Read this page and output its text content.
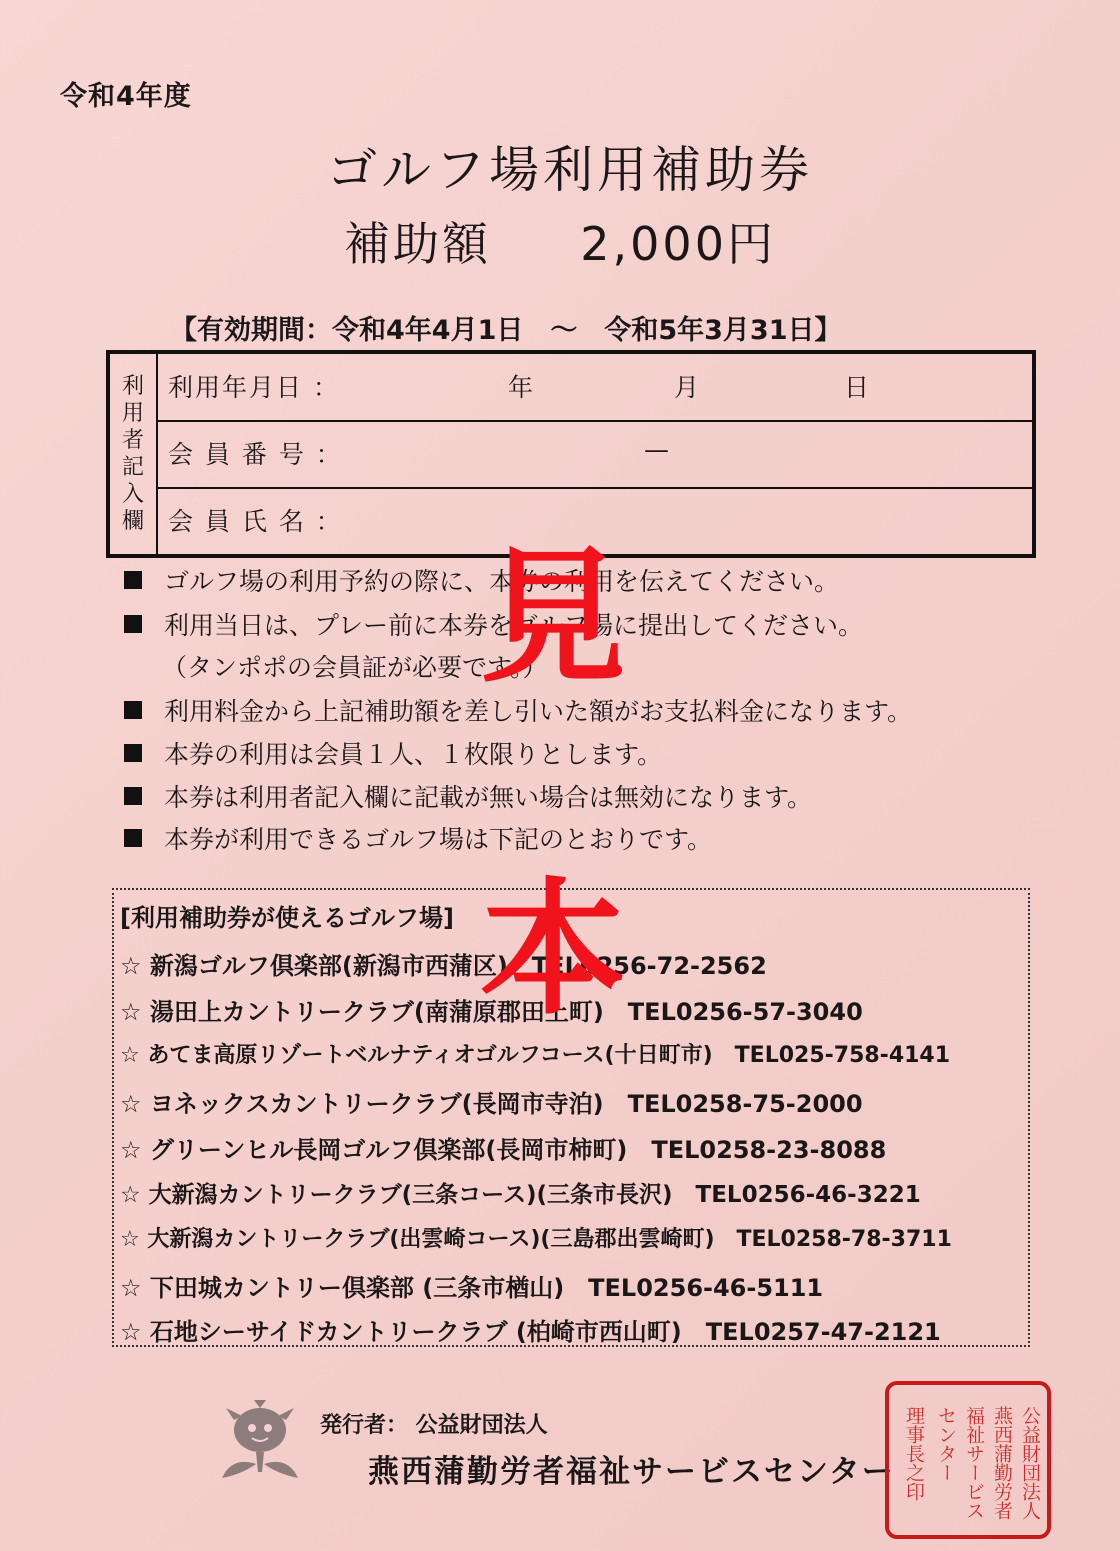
令和4年度
ゴルフ場利用補助券
補助額 2,000円
【有効期間：令和4年4月1日　～　令和5年3月31日】
利
用
者
記
入
欄
利用年月日 ：	年	月	日
会 員 番 号 ：	—
会 員 氏 名 ：
ゴルフ場の利用予約の際に、本券の利用を伝えてください。
利用当日は、プレー前に本券をゴルフ場に提出してください。
（タンポポの会員証が必要です。）
利用料金から上記補助額を差し引いた額がお支払料金になります。
本券の利用は会員１人、１枚限りとします。
本券は利用者記入欄に記載が無い場合は無効になります。
本券が利用できるゴルフ場は下記のとおりです。
[利用補助券が使えるゴルフ場]
☆ 新潟ゴルフ倶楽部(新潟市西蒲区)　TEL0256-72-2562
☆ 湯田上カントリークラブ(南蒲原郡田上町)　TEL0256-57-3040
☆ あてま高原リゾートベルナティオゴルフコース(十日町市)　TEL025-758-4141
☆ ヨネックスカントリークラブ(長岡市寺泊)　TEL0258-75-2000
☆ グリーンヒル長岡ゴルフ倶楽部(長岡市柿町)　TEL0258-23-8088
☆ 大新潟カントリークラブ(三条コース)(三条市長沢)　TEL0256-46-3221
☆ 大新潟カントリークラブ(出雲崎コース)(三島郡出雲崎町)　TEL0258-78-3711
☆ 下田城カントリー倶楽部 (三条市楢山)　TEL0256-46-5111
☆ 石地シーサイドカントリークラブ (柏崎市西山町)　TEL0257-47-2121
見
本
発行者： 公益財団法人
燕西蒲勤労者福祉サービスセンター	公益財団法人
燕西蒲勤労者
福祉サービス
センター
理事長之印
